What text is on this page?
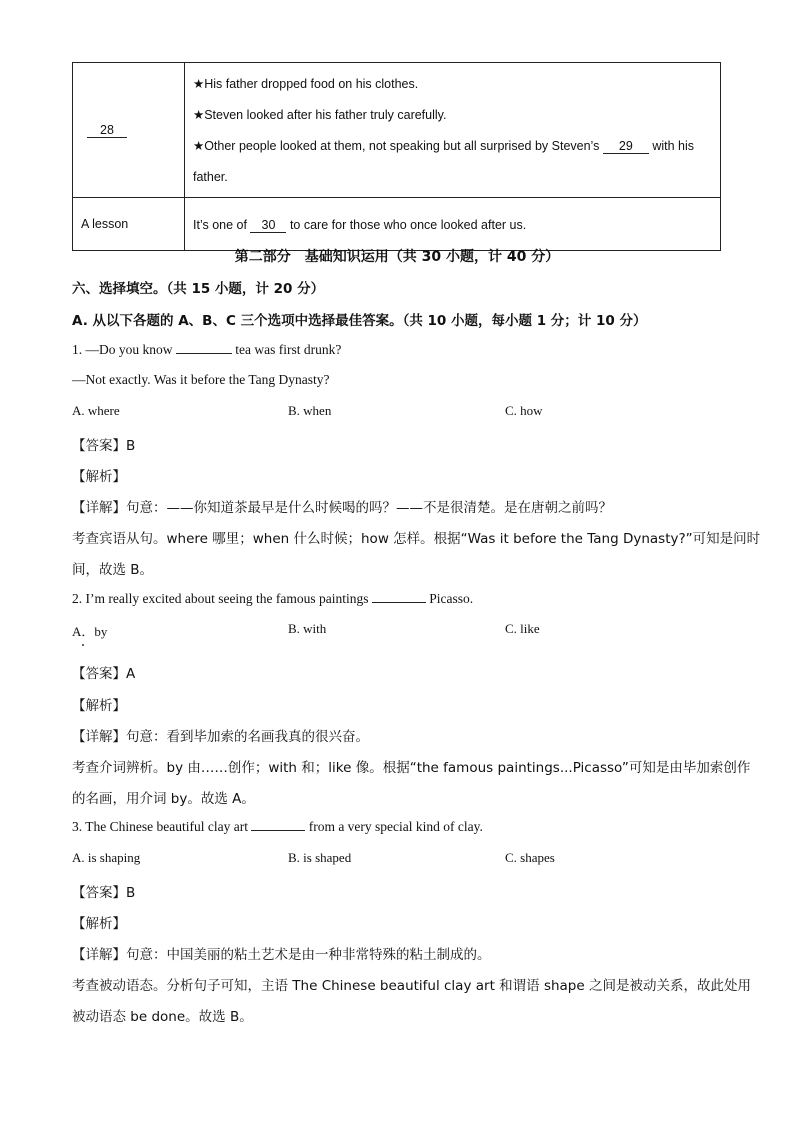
28	★His father dropped food on his clothes.
★Steven looked after his father truly carefully.
★Other people looked at them, not speaking but all surprised by Steven’s 29 with his
father.

A lesson	It’s one of 30 to care for those who once looked after us.
第二部分　基础知识运用（共 30 小题，计 40 分）
六、选择填空。（共 15 小题，计 20 分）
A. 从以下各题的 A、B、C 三个选项中选择最佳答案。（共 10 小题，每小题 1 分；计 10 分）
1. —Do you know	tea was first drunk?
—Not exactly. Was it before the Tang Dynasty?
A. where	B. when	C. how
【答案】B
【解析】
【详解】句意：——你知道茶最早是什么时候喝的吗？——不是很清楚。是在唐朝之前吗？
考查宾语从句。where 哪里；when 什么时候；how 怎样。根据“Was it before the Tang Dynasty?”可知是问时
间，故选 B。
2. I’m really excited about seeing the famous paintings	Picasso.
A．by	B. with	C. like
【答案】A
【解析】
【详解】句意：看到毕加索的名画我真的很兴奋。
考查介词辨析。by 由……创作；with 和；like 像。根据“the famous paintings...Picasso”可知是由毕加索创作
的名画，用介词 by。故选 A。
3. The Chinese beautiful clay art	from a very special kind of clay.
A. is shaping	B. is shaped	C. shapes
【答案】B
【解析】
【详解】句意：中国美丽的粘土艺术是由一种非常特殊的粘土制成的。
考查被动语态。分析句子可知，主语 The Chinese beautiful clay art 和谓语 shape 之间是被动关系，故此处用
被动语态 be done。故选 B。
